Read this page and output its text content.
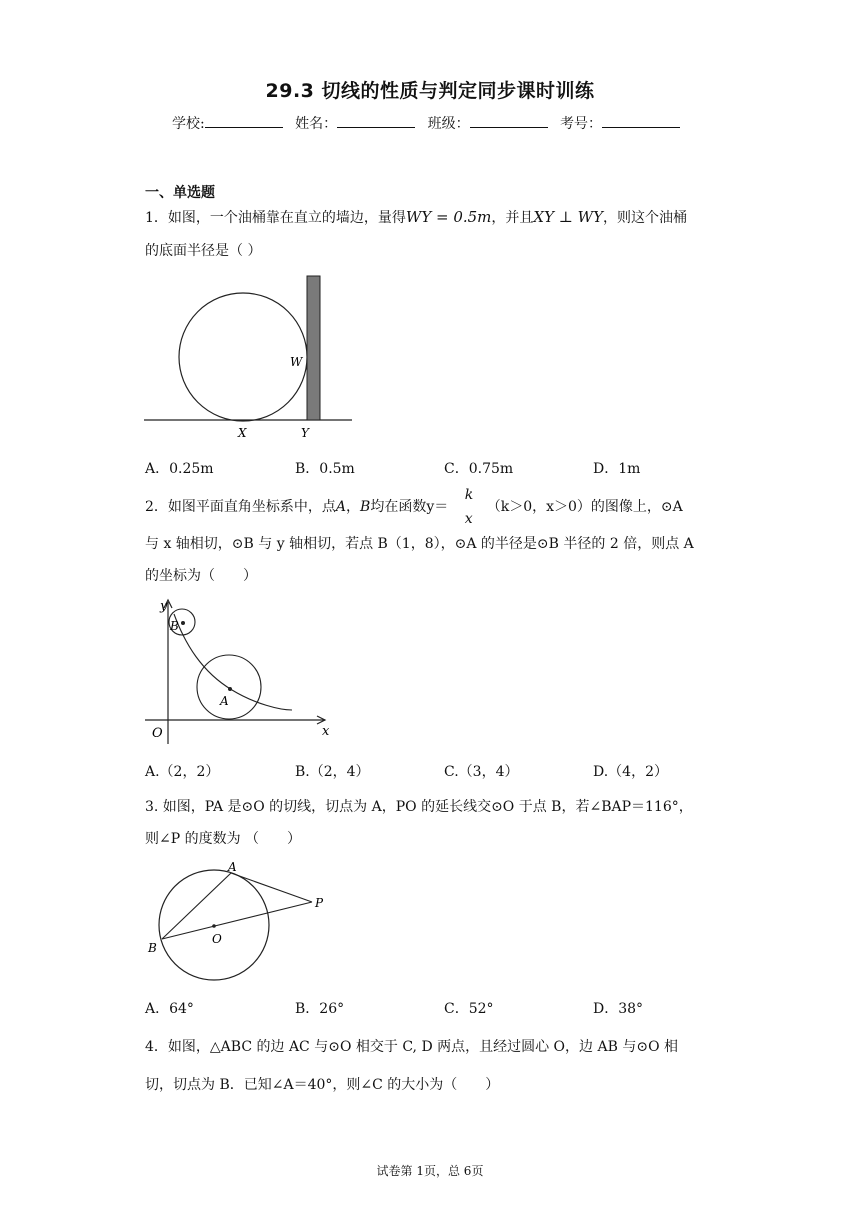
29.3 切线的性质与判定同步课时训练
学校:	姓名：	班级：	考号：
一、单选题
1．如图，一个油桶靠在直立的墙边，量得WY = 0.5m，并且XY ⊥ WY，则这个油桶
的底面半径是（ ）
W
X	Y
A．0.25m	B．0.5m	C．0.75m	D．1m
2．如图平面直角坐标系中，点A，B均在函数y＝
k
x
（k＞0，x＞0）的图像上，⊙A
与 x 轴相切，⊙B 与 y 轴相切，若点 B（1，8），⊙A 的半径是⊙B 半径的 2 倍，则点 A
的坐标为（　　）
y
x
O
A
B
A.（2，2）	B.（2，4）	C.（3，4）	D.（4，2）
3. 如图，PA 是⊙O 的切线，切点为 A，PO 的延长线交⊙O 于点 B，若∠BAP＝116°，
则∠P 的度数为 （　　）
A
P
O
B
A．64°	B．26°	C．52°	D．38°
4．如图，△ABC 的边 AC 与⊙O 相交于 C, D 两点，且经过圆心 O，边 AB 与⊙O 相
切，切点为 B．已知∠A＝40°，则∠C 的大小为（　　）
试卷第 1页，总 6页
